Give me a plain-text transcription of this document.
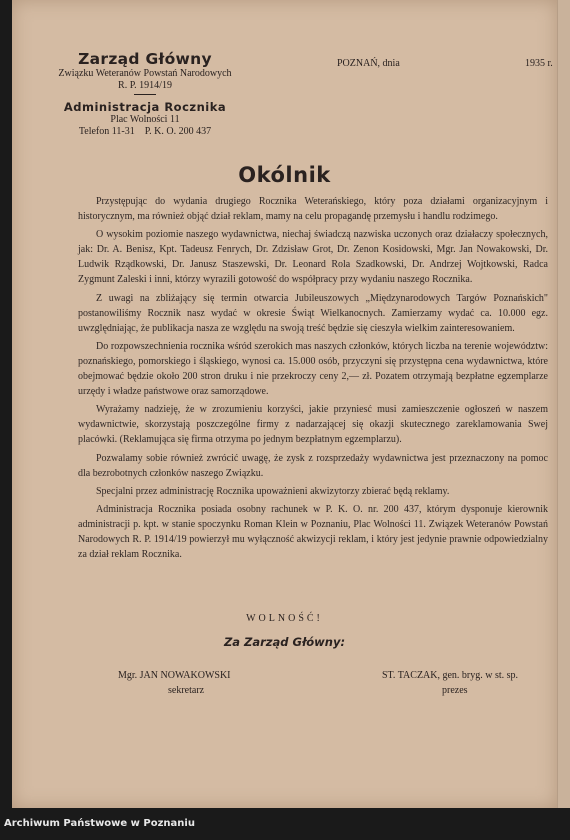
Zarząd Główny
Związku Weteranów Powstań Narodowych
R. P. 1914/19
Administracja Rocznika
Plac Wolności 11
Telefon 11-31    P. K. O. 200 437
POZNAŃ, dnia	1935 r.
Okólnik

Przystępując do wydania drugiego Rocznika Weterańskiego, który poza działami organizacyjnym i historycznym, ma również objąć dział reklam, mamy na celu propagandę przemysłu i handlu rodzimego.

O wysokim poziomie naszego wydawnictwa, niechaj świadczą nazwiska uczonych oraz działaczy społecznych, jak: Dr. A. Benisz, Kpt. Tadeusz Fenrych, Dr. Zdzisław Grot, Dr. Zenon Kosidowski, Mgr. Jan Nowakowski, Dr. Ludwik Rządkowski, Dr. Janusz Staszewski, Dr. Leonard Rola Szadkowski, Dr. Andrzej Wojtkowski, Radca Zygmunt Zaleski i inni, którzy wyrazili gotowość do współpracy przy wydaniu naszego Rocznika.

Z uwagi na zbliżający się termin otwarcia Jubileuszowych „Międzynarodowych Targów Poznańskich" postanowiliśmy Rocznik nasz wydać w okresie Świąt Wielkanocnych. Zamierzamy wydać ca. 10.000 egz. uwzględniając, że publikacja nasza ze względu na swoją treść będzie się cieszyła wielkim zainteresowaniem.

Do rozpowszechnienia rocznika wśród szerokich mas naszych członków, których liczba na terenie województw: poznańskiego, pomorskiego i śląskiego, wynosi ca. 15.000 osób, przyczyni się przystępna cena wydawnictwa, które obejmować będzie około 200 stron druku i nie przekroczy ceny 2,— zł. Pozatem otrzymają bezpłatne egzemplarze urzędy i władze państwowe oraz samorządowe.

Wyrażamy nadzieję, że w zrozumieniu korzyści, jakie przyniesć musi zamieszczenie ogłoszeń w naszem wydawnictwie, skorzystają poszczególne firmy z nadarzającej się okazji skutecznego zareklamowania Swej placówki. (Reklamująca się firma otrzyma po jednym bezpłatnym egzemplarzu).

Pozwalamy sobie również zwrócić uwagę, że zysk z rozsprzedaży wydawnictwa jest przeznaczony na pomoc dla bezrobotnych członków naszego Związku.

Specjalni przez administrację Rocznika upoważnieni akwizytorzy zbierać będą reklamy.

Administracja Rocznika posiada osobny rachunek w P. K. O. nr. 200 437, którym dysponuje kierownik administracji p. kpt. w stanie spoczynku Roman Klein w Poznaniu, Plac Wolności 11. Związek Weteranów Powstań Narodowych R. P. 1914/19 powierzył mu wyłączność akwizycji reklam, i który jest jedynie prawnie odpowiedzialny za dział reklam Rocznika.

WOLNOŚĆ!
Za Zarząd Główny:
Mgr. JAN NOWAKOWSKI
sekretarz
ST. TACZAK, gen. bryg. w st. sp.
prezes
Archiwum Państwowe w Poznaniu
